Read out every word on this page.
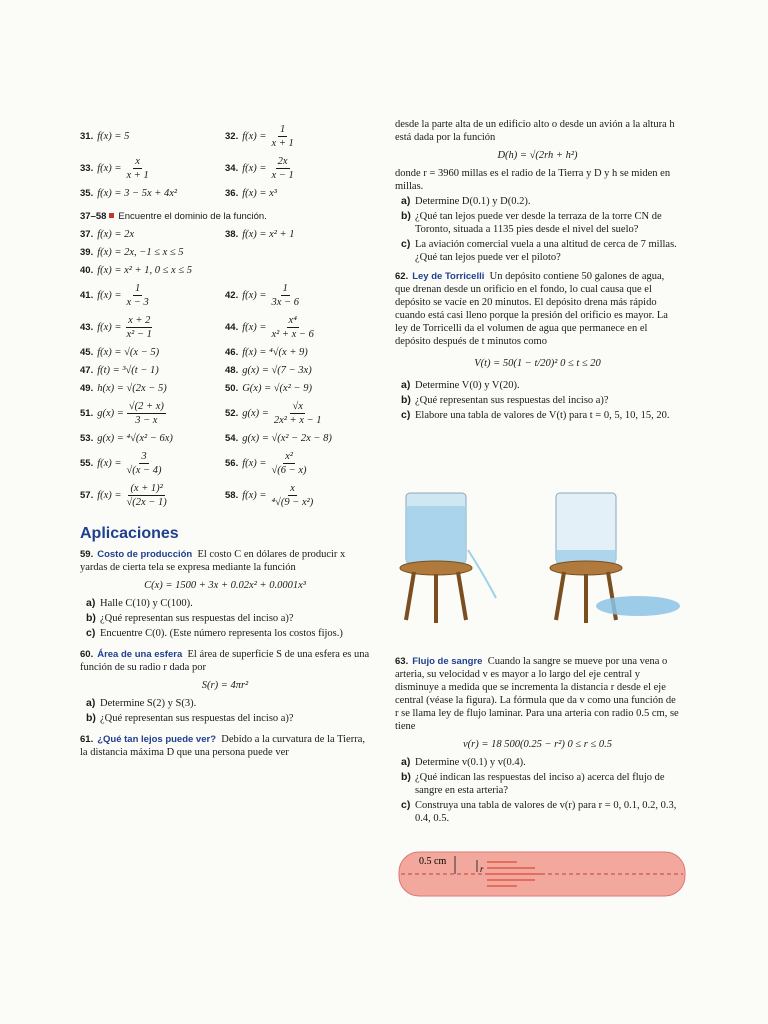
31. f(x) = 5	32. $f(x) = \frac{1}{x + 1}$
33. $f(x) = \frac{x}{x + 1}$	34. $f(x) = \frac{2x}{x - 1}$
35. f(x) = 3 − 5x + 4x²	36. f(x) = x³
37–58 Encuentre el dominio de la función.
37. f(x) = 2x	38. f(x) = x² + 1
39. f(x) = 2x, −1 ≤ x ≤ 5
40. f(x) = x² + 1, 0 ≤ x ≤ 5
41. $f(x) = \frac{1}{x - 3}$	42. $f(x) = \frac{1}{3x - 6}$
43. $f(x) = \frac{x + 2}{\text{x² − 1}}$	44. $f(x) = \frac{\text{x⁴}}{\text{x² + x − 6}}$
45. f(x) = √(x − 5)	46. f(x) = ⁴√(x + 9)
47. f(t) = ³√(t − 1)	48. g(x) = √(7 − 3x)
49. h(x) = √(2x − 5)	50. G(x) = √(x² − 9)
51. $g(x) = \frac{√(2 + x)}{3 - x}$	52. $g(x) = \frac{√x}{\text{2x² + x − 1}}$
53. g(x) = ⁴√(x² − 6x)	54. g(x) = √(x² − 2x − 8)
55. $f(x) = \frac{3}{√(x - 4)}$	56. $f(x) = \frac{\text{x²}}{√(6 - x)}$
57. $f(x) = \frac{\text{(x + 1)²}}{√(2x - 1)}$	58. $f(x) = \frac{x}{\text{⁴√(9 − x²)}}$
Aplicaciones

59. Costo de producción El costo C en dólares de producir x yardas de cierta tela se expresa mediante la función

C(x) = 1500 + 3x + 0.02x² + 0.0001x³
a) Halle C(10) y C(100).
b) ¿Qué representan sus respuestas del inciso a)?
c) Encuentre C(0). (Este número representa los costos fijos.)

60. Área de una esfera El área de superficie S de una esfera es una función de su radio r dada por

S(r) = 4πr²
a) Determine S(2) y S(3).
b) ¿Qué representan sus respuestas del inciso a)?

61. ¿Qué tan lejos puede ver? Debido a la curvatura de la Tierra, la distancia máxima D que una persona puede ver

desde la parte alta de un edificio alto o desde un avión a la altura h está dada por la función

D(h) = √(2rh + h²)

donde r = 3960 millas es el radio de la Tierra y D y h se miden en millas.

a) Determine D(0.1) y D(0.2).
b) ¿Qué tan lejos puede ver desde la terraza de la torre CN de Toronto, situada a 1135 pies desde el nivel del suelo?
c) La aviación comercial vuela a una altitud de cerca de 7 millas. ¿Qué tan lejos puede ver el piloto?

62. Ley de Torricelli Un depósito contiene 50 galones de agua, que drenan desde un orificio en el fondo, lo cual causa que el depósito se vacíe en 20 minutos. El depósito drena más rápido cuando está casi lleno porque la presión del orificio es mayor. La ley de Torricelli da el volumen de agua que permanece en el depósito después de t minutos como

V(t) = 50(1 − t/20)² 0 ≤ t ≤ 20
a) Determine V(0) y V(20).
b) ¿Qué representan sus respuestas del inciso a)?
c) Elabore una tabla de valores de V(t) para t = 0, 5, 10, 15, 20.

63. Flujo de sangre Cuando la sangre se mueve por una vena o arteria, su velocidad v es mayor a lo largo del eje central y disminuye a medida que se incrementa la distancia r desde el eje central (véase la figura). La fórmula que da v como una función de r se llama ley de flujo laminar. Para una arteria con radio 0.5 cm, se tiene

v(r) = 18 500(0.25 − r²) 0 ≤ r ≤ 0.5
a) Determine v(0.1) y v(0.4).
b) ¿Qué indican las respuestas del inciso a) acerca del flujo de sangre en esta arteria?
c) Construya una tabla de valores de v(r) para r = 0, 0.1, 0.2, 0.3, 0.4, 0.5.
0.5 cm
r
